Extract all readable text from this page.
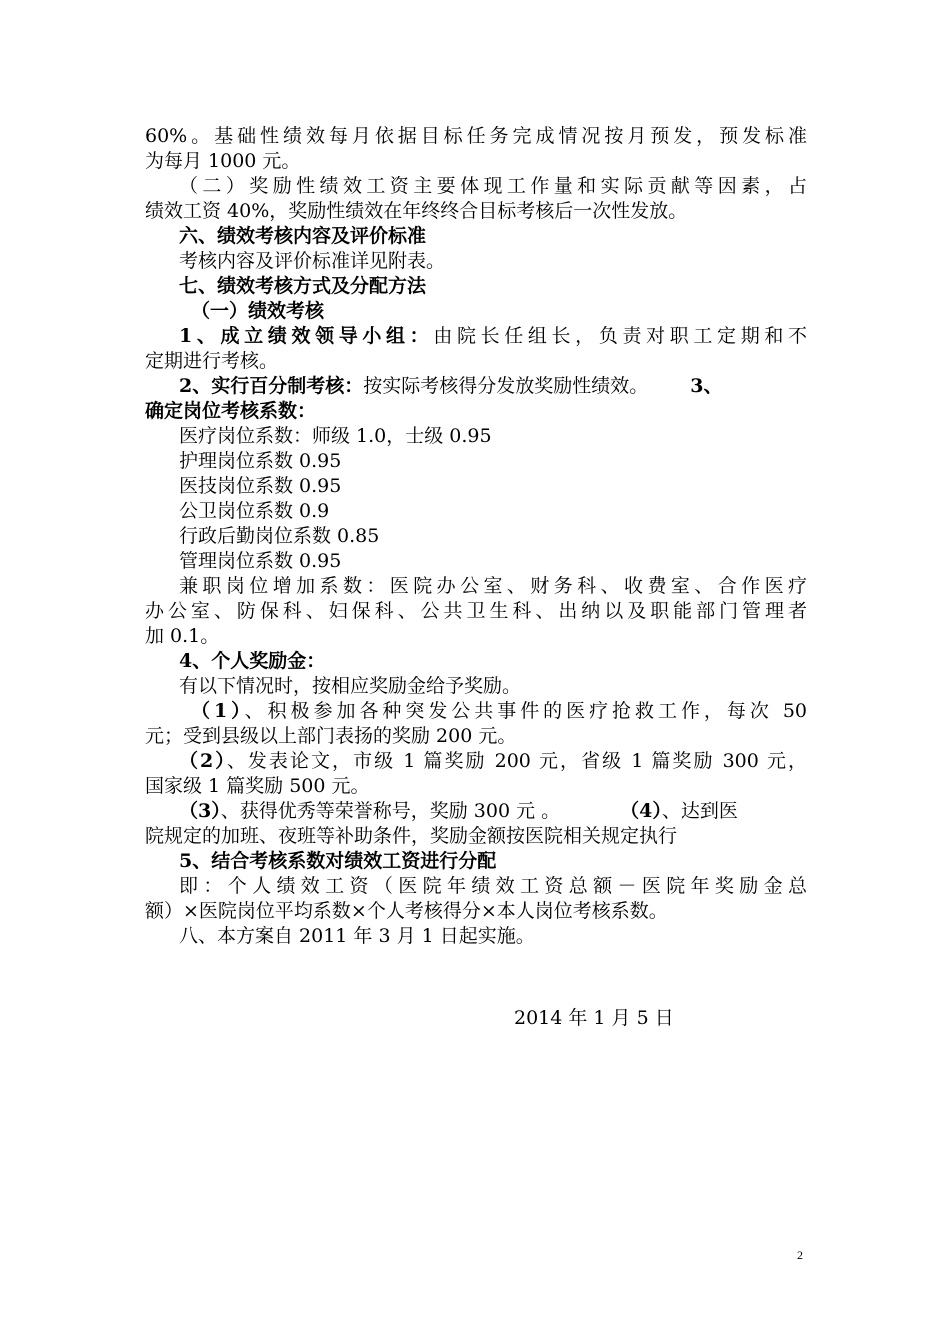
60%。基础性绩效每月依据目标任务完成情况按月预发，预发标准
为每月 1000 元。
（二）奖励性绩效工资主要体现工作量和实际贡献等因素，占
绩效工资 40%，奖励性绩效在年终终合目标考核后一次性发放。
六、绩效考核内容及评价标准
考核内容及评价标准详见附表。
七、绩效考核方式及分配方法
（一）绩效考核
1、成立绩效领导小组：由院长任组长，负责对职工定期和不
定期进行考核。
2、实行百分制考核：按实际考核得分发放奖励性绩效。 3、
确定岗位考核系数：
医疗岗位系数：师级 1.0，士级 0.95
护理岗位系数 0.95
医技岗位系数 0.95
公卫岗位系数 0.9
行政后勤岗位系数 0.85
管理岗位系数 0.95
兼职岗位增加系数：医院办公室、财务科、收费室、合作医疗
办公室、防保科、妇保科、公共卫生科、出纳以及职能部门管理者
加 0.1。
4、个人奖励金：
有以下情况时，按相应奖励金给予奖励。
（1）、积极参加各种突发公共事件的医疗抢救工作，每次 50
元；受到县级以上部门表扬的奖励 200 元。
（2）、发表论文，市级 1 篇奖励 200 元，省级 1 篇奖励 300 元，
国家级 1 篇奖励 500 元。
（3）、获得优秀等荣誉称号，奖励 300 元 。	（4）、达到医
院规定的加班、夜班等补助条件，奖励金额按医院相关规定执行
5、结合考核系数对绩效工资进行分配
即：个人绩效工资（医院年绩效工资总额－医院年奖励金总
额）×医院岗位平均系数×个人考核得分×本人岗位考核系数。
八、本方案自 2011 年 3 月 1 日起实施。
2014 年 1 月 5 日
2
